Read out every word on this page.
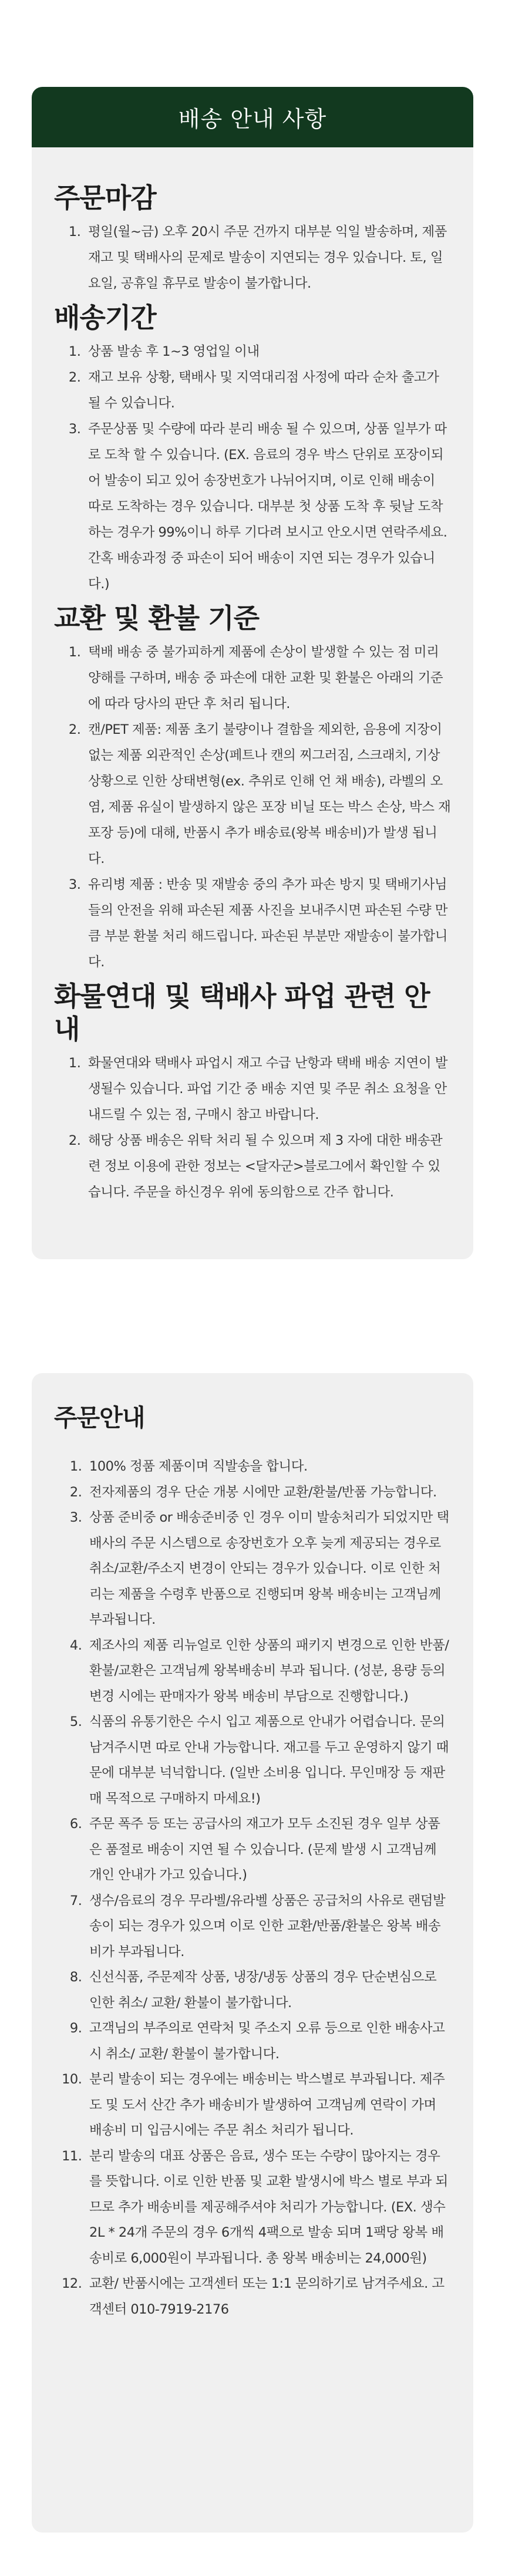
배송 안내 사항
주문마감
1. 평일(월~금) 오후 20시 주문 건까지 대부분 익일 발송하며, 제품 재고 및 택배사의 문제로 발송이 지연되는 경우 있습니다. 토, 일요일, 공휴일 휴무로 발송이 불가합니다.
배송기간
1. 상품 발송 후 1~3 영업일 이내
2. 재고 보유 상황, 택배사 및 지역대리점 사정에 따라 순차 출고가 될 수 있습니다.
3. 주문상품 및 수량에 따라 분리 배송 될 수 있으며, 상품 일부가 따로 도착 할 수 있습니다. (EX. 음료의 경우 박스 단위로 포장이되어 발송이 되고 있어 송장번호가 나뉘어지며, 이로 인해 배송이 따로 도착하는 경우 있습니다. 대부분 첫 상품 도착 후 뒷날 도착하는 경우가 99%이니 하루 기다려 보시고 안오시면 연락주세요. 간혹 배송과정 중 파손이 되어 배송이 지연 되는 경우가 있습니다.)
교환 및 환불 기준
1. 택배 배송 중 불가피하게 제품에 손상이 발생할 수 있는 점 미리 양해를 구하며, 배송 중 파손에 대한 교환 및 환불은 아래의 기준에 따라 당사의 판단 후 처리 됩니다.
2. 캔/PET 제품: 제품 초기 불량이나 결함을 제외한, 음용에 지장이 없는 제품 외관적인 손상(페트나 캔의 찌그러짐, 스크래치, 기상 상황으로 인한 상태변형(ex. 추위로 인해 언 채 배송), 라벨의 오염, 제품 유실이 발생하지 않은 포장 비닐 또는 박스 손상, 박스 재 포장 등)에 대해, 반품시 추가 배송료(왕복 배송비)가 발생 됩니다.
3. 유리병 제품 : 반송 및 재발송 중의 추가 파손 방지 및 택배기사님들의 안전을 위해 파손된 제품 사진을 보내주시면 파손된 수량 만큼 부분 환불 처리 해드립니다. 파손된 부분만 재발송이 불가합니다.
화물연대 및 택배사 파업 관련 안내
1. 화물연대와 택배사 파업시 재고 수급 난항과 택배 배송 지연이 발생될수 있습니다. 파업 기간 중 배송 지연 및 주문 취소 요청을 안내드릴 수 있는 점, 구매시 참고 바랍니다.
2. 해당 상품 배송은 위탁 처리 될 수 있으며 제 3 자에 대한 배송관련 정보 이용에 관한 정보는 <달자군>블로그에서 확인할 수 있습니다. 주문을 하신경우 위에 동의함으로 간주 합니다.
주문안내
1. 100% 정품 제품이며 직발송을 합니다.
2. 전자제품의 경우 단순 개봉 시에만 교환/환불/반품 가능합니다.
3. 상품 준비중 or 배송준비중 인 경우 이미 발송처리가 되었지만 택배사의 주문 시스템으로 송장번호가 오후 늦게 제공되는 경우로 취소/교환/주소지 변경이 안되는 경우가 있습니다. 이로 인한 처리는 제품을 수령후 반품으로 진행되며 왕복 배송비는 고객님께 부과됩니다.
4. 제조사의 제품 리뉴얼로 인한 상품의 패키지 변경으로 인한 반품/환불/교환은 고객님께 왕복배송비 부과 됩니다. (성분, 용량 등의 변경 시에는 판매자가 왕복 배송비 부담으로 진행합니다.)
5. 식품의 유통기한은 수시 입고 제품으로 안내가 어렵습니다. 문의 남겨주시면 따로 안내 가능합니다. 재고를 두고 운영하지 않기 때문에 대부분 넉넉합니다. (일반 소비용 입니다. 무인매장 등 재판매 목적으로 구매하지 마세요!)
6. 주문 폭주 등 또는 공급사의 재고가 모두 소진된 경우 일부 상품은 품절로 배송이 지연 될 수 있습니다. (문제 발생 시 고객님께 개인 안내가 가고 있습니다.)
7. 생수/음료의 경우 무라벨/유라벨 상품은 공급처의 사유로 랜덤발송이 되는 경우가 있으며 이로 인한 교환/반품/환불은 왕복 배송비가 부과됩니다.
8. 신선식품, 주문제작 상품, 냉장/냉동 상품의 경우 단순변심으로 인한 취소/ 교환/ 환불이 불가합니다.
9. 고객님의 부주의로 연락처 및 주소지 오류 등으로 인한 배송사고시 취소/ 교환/ 환불이 불가합니다.
10. 분리 발송이 되는 경우에는 배송비는 박스별로 부과됩니다. 제주도 및 도서 산간 추가 배송비가 발생하여 고객님께 연락이 가며 배송비 미 입금시에는 주문 취소 처리가 됩니다.
11. 분리 발송의 대표 상품은 음료, 생수 또는 수량이 많아지는 경우를 뜻합니다. 이로 인한 반품 및 교환 발생시에 박스 별로 부과 되므로 추가 배송비를 제공해주셔야 처리가 가능합니다. (EX. 생수2L * 24개 주문의 경우 6개씩 4팩으로 발송 되며 1팩당 왕복 배송비로 6,000원이 부과됩니다. 총 왕복 배송비는 24,000원)
12. 교환/ 반품시에는 고객센터 또는 1:1 문의하기로 남겨주세요. 고객센터 010-7919-2176
